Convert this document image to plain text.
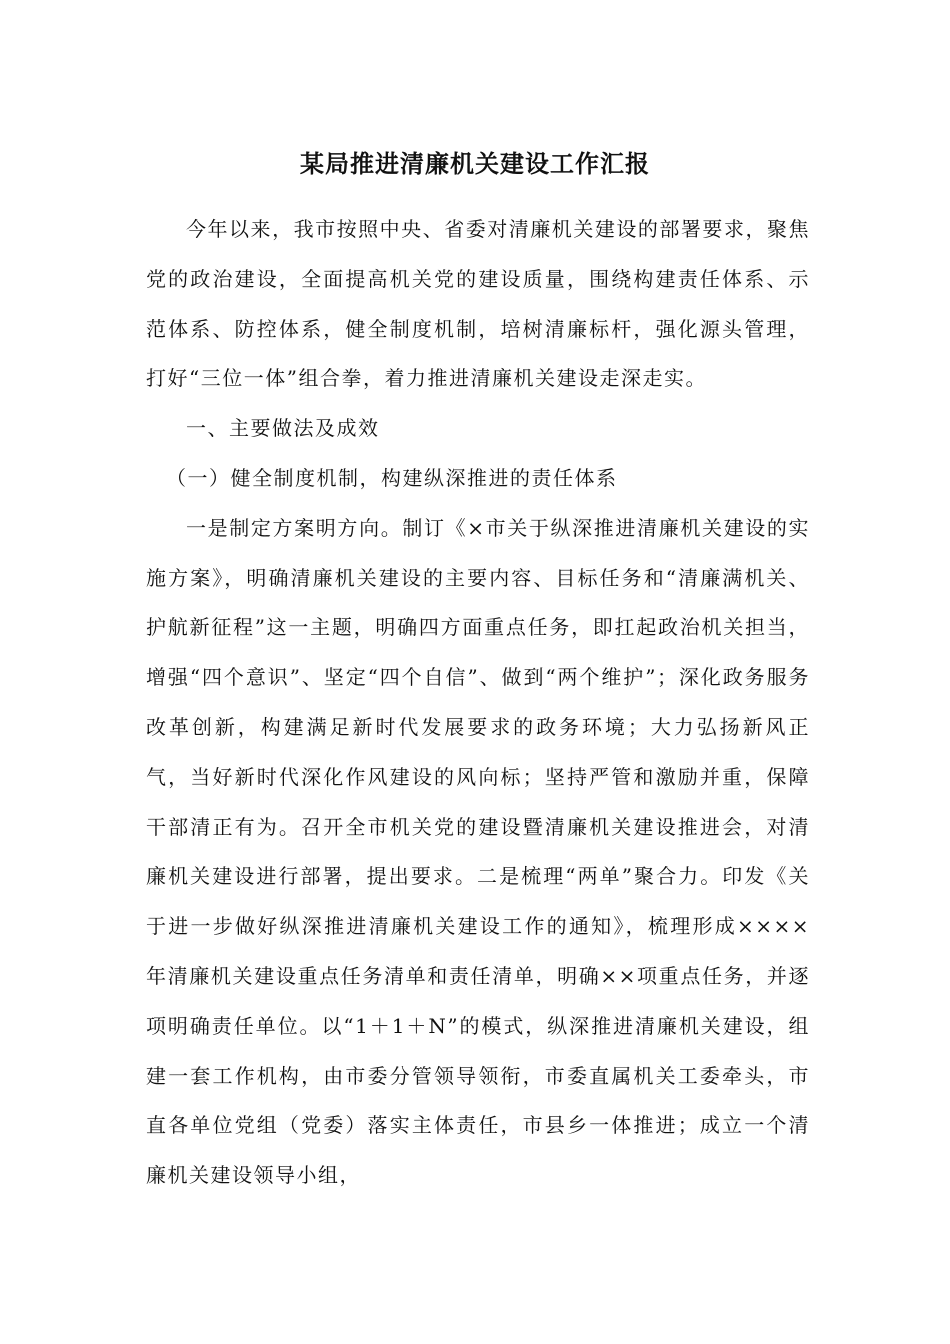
某局推进清廉机关建设工作汇报

今年以来，我市按照中央、省委对清廉机关建设的部署要求，聚焦党的政治建设，全面提高机关党的建设质量，围绕构建责任体系、示范体系、防控体系，健全制度机制，培树清廉标杆，强化源头管理，打好“三位一体”组合拳，着力推进清廉机关建设走深走实。

一、主要做法及成效

（一）健全制度机制，构建纵深推进的责任体系

一是制定方案明方向。制订《×市关于纵深推进清廉机关建设的实施方案》，明确清廉机关建设的主要内容、目标任务和“清廉满机关、护航新征程”这一主题，明确四方面重点任务，即扛起政治机关担当，增强“四个意识”、坚定“四个自信”、做到“两个维护”；深化政务服务改革创新，构建满足新时代发展要求的政务环境；大力弘扬新风正气，当好新时代深化作风建设的风向标；坚持严管和激励并重，保障干部清正有为。召开全市机关党的建设暨清廉机关建设推进会，对清廉机关建设进行部署，提出要求。二是梳理“两单”聚合力。印发《关于进一步做好纵深推进清廉机关建设工作的通知》，梳理形成××××年清廉机关建设重点任务清单和责任清单，明确××项重点任务，并逐项明确责任单位。以“1＋1＋N”的模式，纵深推进清廉机关建设，组建一套工作机构，由市委分管领导领衔，市委直属机关工委牵头，市直各单位党组（党委）落实主体责任，市县乡一体推进；成立一个清廉机关建设领导小组，
